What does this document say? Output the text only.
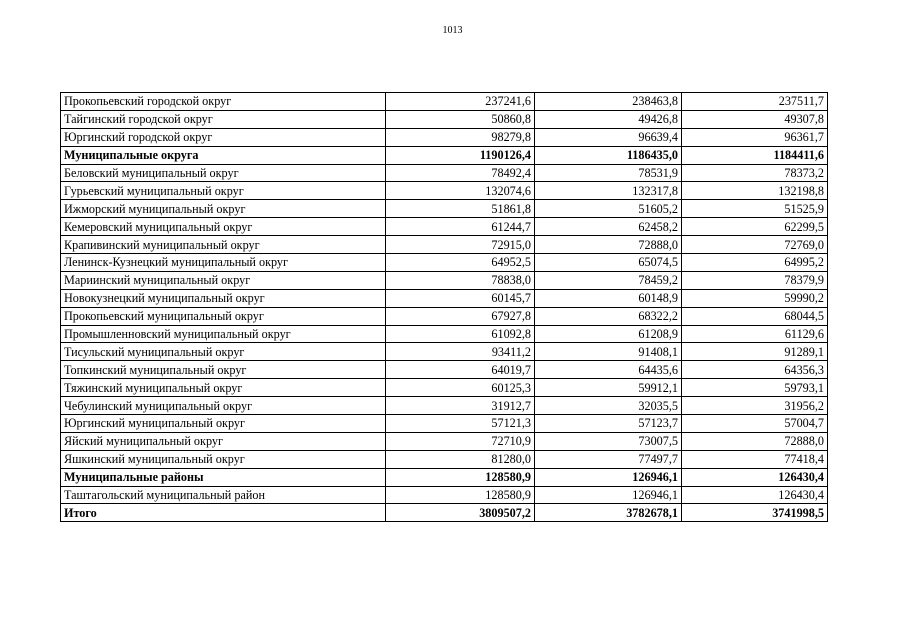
1013
Прокопьевский городской округ	237241,6	238463,8	237511,7
Тайгинский городской округ	50860,8	49426,8	49307,8
Юргинский городской округ	98279,8	96639,4	96361,7
Муниципальные округа	1190126,4	1186435,0	1184411,6
Беловский муниципальный округ	78492,4	78531,9	78373,2
Гурьевский муниципальный округ	132074,6	132317,8	132198,8
Ижморский муниципальный округ	51861,8	51605,2	51525,9
Кемеровский муниципальный округ	61244,7	62458,2	62299,5
Крапивинский муниципальный округ	72915,0	72888,0	72769,0
Ленинск-Кузнецкий муниципальный округ	64952,5	65074,5	64995,2
Мариинский муниципальный округ	78838,0	78459,2	78379,9
Новокузнецкий муниципальный округ	60145,7	60148,9	59990,2
Прокопьевский муниципальный округ	67927,8	68322,2	68044,5
Промышленновский муниципальный округ	61092,8	61208,9	61129,6
Тисульский муниципальный округ	93411,2	91408,1	91289,1
Топкинский муниципальный округ	64019,7	64435,6	64356,3
Тяжинский муниципальный округ	60125,3	59912,1	59793,1
Чебулинский муниципальный округ	31912,7	32035,5	31956,2
Юргинский муниципальный округ	57121,3	57123,7	57004,7
Яйский муниципальный округ	72710,9	73007,5	72888,0
Яшкинский муниципальный округ	81280,0	77497,7	77418,4
Муниципальные районы	128580,9	126946,1	126430,4
Таштагольский муниципальный район	128580,9	126946,1	126430,4
Итого	3809507,2	3782678,1	3741998,5
